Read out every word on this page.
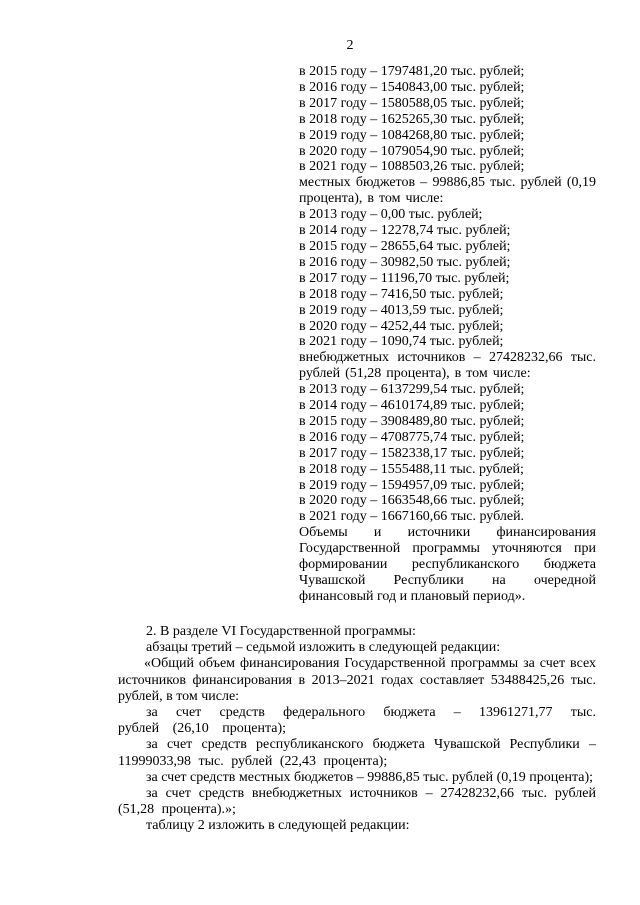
2
в 2015 году – 1797481,20 тыс. рублей;
в 2016 году – 1540843,00 тыс. рублей;
в 2017 году – 1580588,05 тыс. рублей;
в 2018 году – 1625265,30 тыс. рублей;
в 2019 году – 1084268,80 тыс. рублей;
в 2020 году – 1079054,90 тыс. рублей;
в 2021 году – 1088503,26 тыс. рублей;
местных бюджетов – 99886,85 тыс. рублей (0,19 процента), в том числе:
в 2013 году – 0,00 тыс. рублей;
в 2014 году – 12278,74 тыс. рублей;
в 2015 году – 28655,64 тыс. рублей;
в 2016 году – 30982,50 тыс. рублей;
в 2017 году – 11196,70 тыс. рублей;
в 2018 году – 7416,50 тыс. рублей;
в 2019 году – 4013,59 тыс. рублей;
в 2020 году – 4252,44 тыс. рублей;
в 2021 году – 1090,74 тыс. рублей;
внебюджетных источников – 27428232,66 тыс. рублей (51,28 процента), в том числе:
в 2013 году – 6137299,54 тыс. рублей;
в 2014 году – 4610174,89 тыс. рублей;
в 2015 году – 3908489,80 тыс. рублей;
в 2016 году – 4708775,74 тыс. рублей;
в 2017 году – 1582338,17 тыс. рублей;
в 2018 году – 1555488,11 тыс. рублей;
в 2019 году – 1594957,09 тыс. рублей;
в 2020 году – 1663548,66 тыс. рублей;
в 2021 году – 1667160,66 тыс. рублей.
Объемы и источники финансирования Государственной программы уточняются при формировании республиканского бюджета Чувашской Республики на очередной финансовый год и плановый период».

2. В разделе VI Государственной программы:

абзацы третий – седьмой изложить в следующей редакции:

«Общий объем финансирования Государственной программы за счет всех источников финансирования в 2013–2021 годах составляет 53488425,26 тыс. рублей, в том числе:

за счет средств федерального бюджета – 13961271,77 тыс. рублей (26,10 процента);

за счет средств республиканского бюджета Чувашской Республики – 11999033,98 тыс. рублей (22,43 процента);

за счет средств местных бюджетов – 99886,85 тыс. рублей (0,19 процента);

за счет средств внебюджетных источников – 27428232,66 тыс. рублей (51,28 процента).»;

таблицу 2 изложить в следующей редакции:
